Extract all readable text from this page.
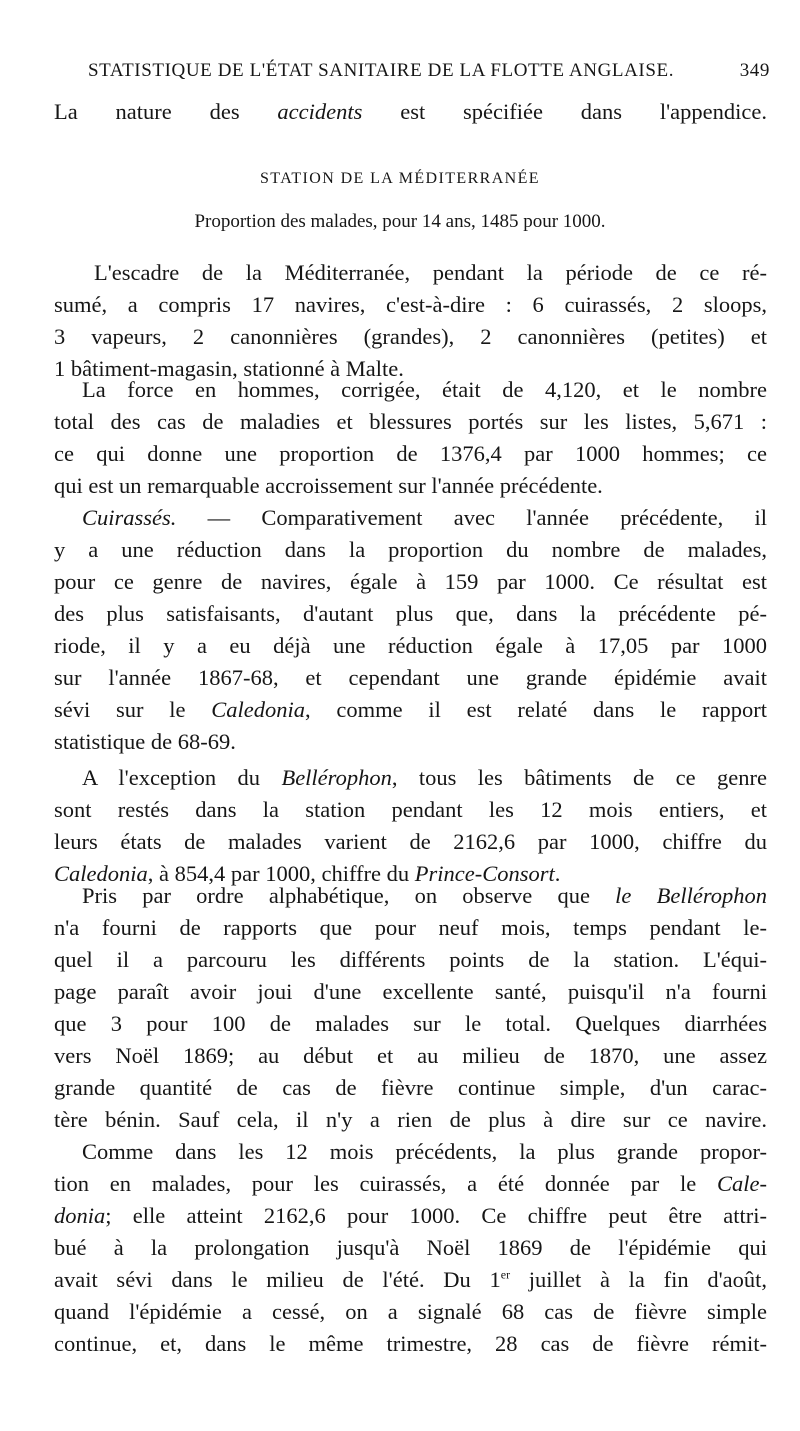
STATISTIQUE DE L'ÉTAT SANITAIRE DE LA FLOTTE ANGLAISE.	349
La nature des accidents est spécifiée dans l'appendice.
STATION DE LA MÉDITERRANÉE
Proportion des malades, pour 14 ans, 1485 pour 1000.
L'escadre de la Méditerranée, pendant la période de ce ré-
sumé, a compris 17 navires, c'est-à-dire : 6 cuirassés, 2 sloops,
3 vapeurs, 2 canonnières (grandes), 2 canonnières (petites) et
1 bâtiment-magasin, stationné à Malte.
La force en hommes, corrigée, était de 4,120, et le nombre
total des cas de maladies et blessures portés sur les listes, 5,671 :
ce qui donne une proportion de 1376,4 par 1000 hommes; ce
qui est un remarquable accroissement sur l'année précédente.
Cuirassés. — Comparativement avec l'année précédente, il
y a une réduction dans la proportion du nombre de malades,
pour ce genre de navires, égale à 159 par 1000. Ce résultat est
des plus satisfaisants, d'autant plus que, dans la précédente pé-
riode, il y a eu déjà une réduction égale à 17,05 par 1000
sur l'année 1867-68, et cependant une grande épidémie avait
sévi sur le Caledonia, comme il est relaté dans le rapport
statistique de 68-69.
A l'exception du Bellérophon, tous les bâtiments de ce genre
sont restés dans la station pendant les 12 mois entiers, et
leurs états de malades varient de 2162,6 par 1000, chiffre du
Caledonia, à 854,4 par 1000, chiffre du Prince-Consort.
Pris par ordre alphabétique, on observe que le Bellérophon
n'a fourni de rapports que pour neuf mois, temps pendant le-
quel il a parcouru les différents points de la station. L'équi-
page paraît avoir joui d'une excellente santé, puisqu'il n'a fourni
que 3 pour 100 de malades sur le total. Quelques diarrhées
vers Noël 1869; au début et au milieu de 1870, une assez
grande quantité de cas de fièvre continue simple, d'un carac-
tère bénin. Sauf cela, il n'y a rien de plus à dire sur ce navire.
Comme dans les 12 mois précédents, la plus grande propor-
tion en malades, pour les cuirassés, a été donnée par le Cale-
donia; elle atteint 2162,6 pour 1000. Ce chiffre peut être attri-
bué à la prolongation jusqu'à Noël 1869 de l'épidémie qui
avait sévi dans le milieu de l'été. Du 1er juillet à la fin d'août,
quand l'épidémie a cessé, on a signalé 68 cas de fièvre simple
continue, et, dans le même trimestre, 28 cas de fièvre rémit-
